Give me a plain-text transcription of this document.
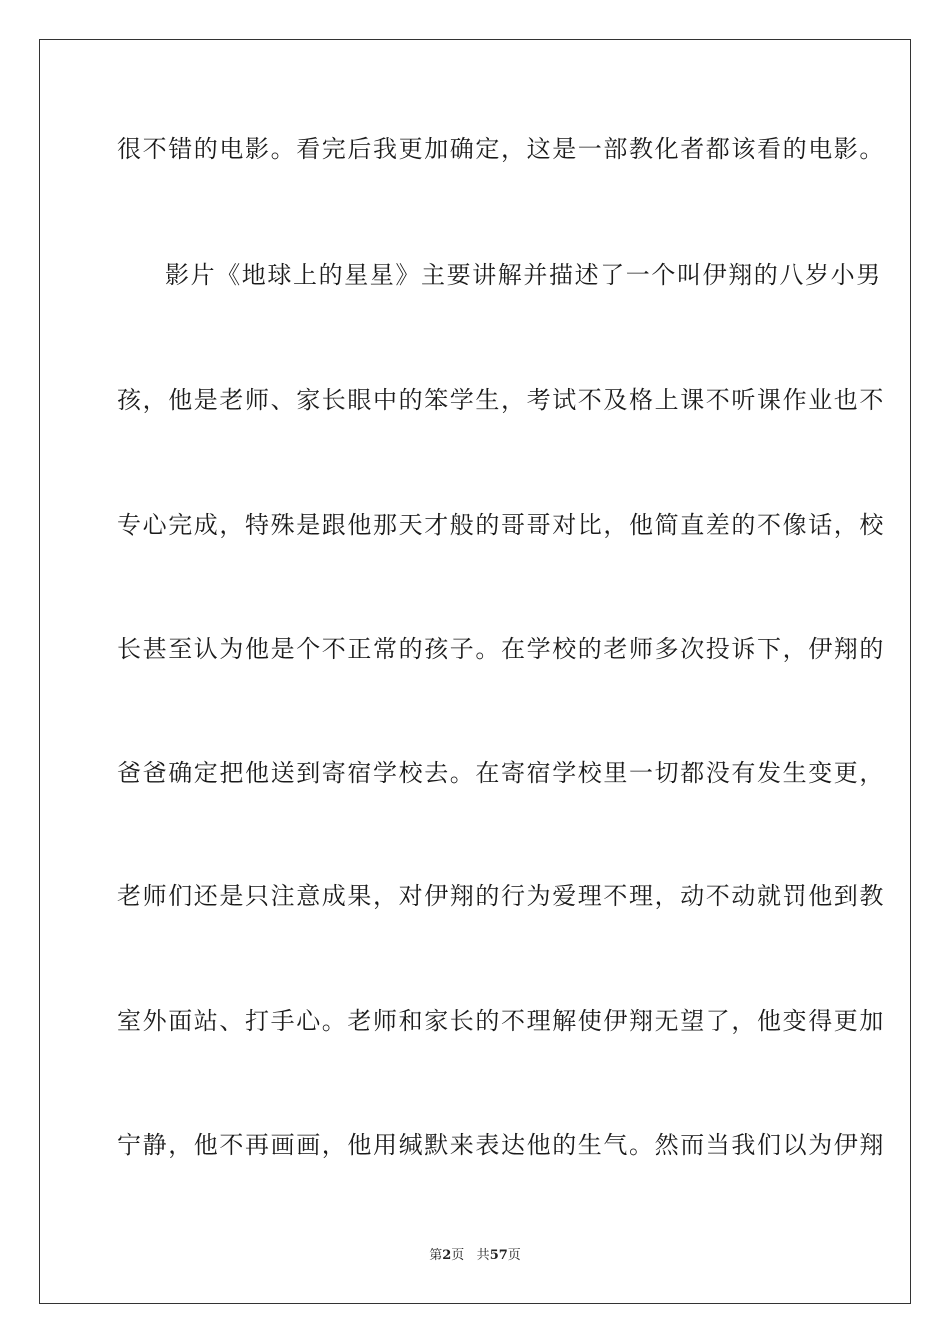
很不错的电影。看完后我更加确定，这是一部教化者都该看的电影。
影片《地球上的星星》主要讲解并描述了一个叫伊翔的八岁小男
孩，他是老师、家长眼中的笨学生，考试不及格上课不听课作业也不
专心完成，特殊是跟他那天才般的哥哥对比，他简直差的不像话，校
长甚至认为他是个不正常的孩子。在学校的老师多次投诉下，伊翔的
爸爸确定把他送到寄宿学校去。在寄宿学校里一切都没有发生变更，
老师们还是只注意成果，对伊翔的行为爱理不理，动不动就罚他到教
室外面站、打手心。老师和家长的不理解使伊翔无望了，他变得更加
宁静，他不再画画，他用缄默来表达他的生气。然而当我们以为伊翔
第2页 共57页
